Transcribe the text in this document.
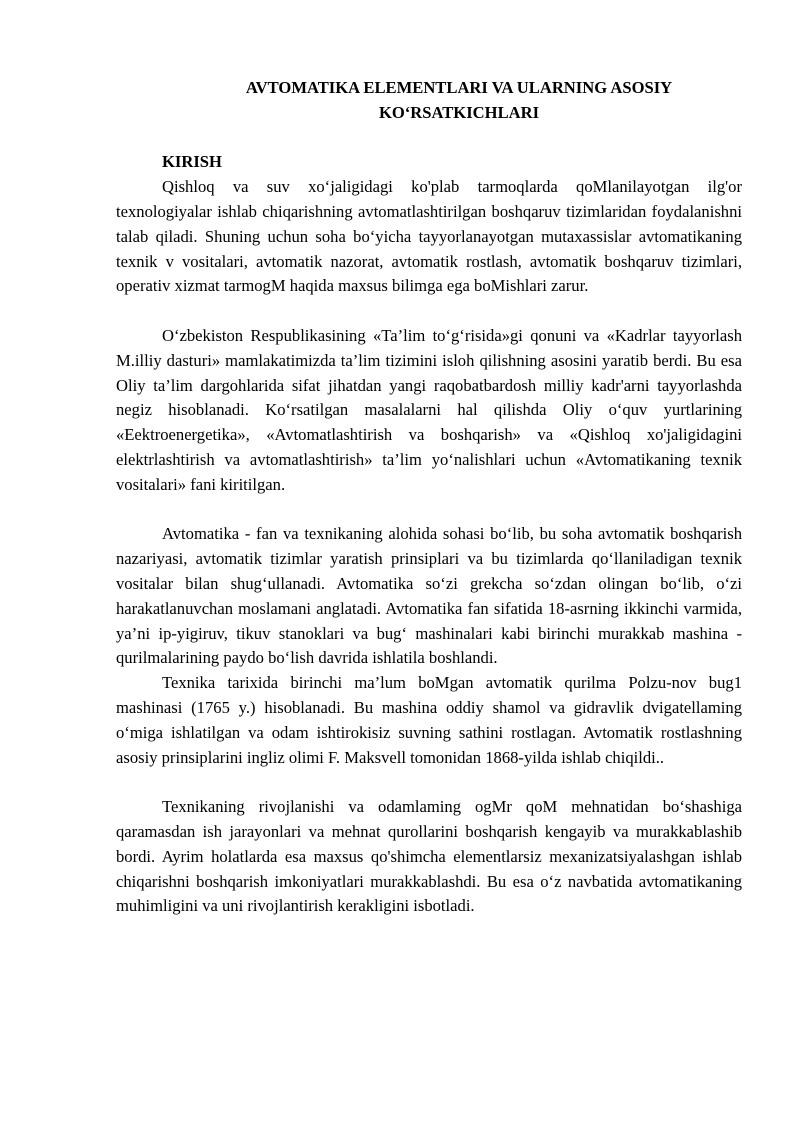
AVTOMATIKA ELEMENTLARI VA ULARNING ASOSIY
KO‘RSATKICHLARI

KIRISH

Qishloq va suv xo‘jaligidagi ko'plab tarmoqlarda qoMlanilayotgan ilg'or texnologiyalar ishlab chiqarishning avtomatlashtirilgan boshqaruv tizimlaridan foydalanishni talab qiladi. Shuning uchun soha bo‘yicha tayyorlanayotgan mutaxassislar avtomatikaning texnik v vositalari, avtomatik nazorat, avtomatik rostlash, avtomatik boshqaruv tizimlari, operativ xizmat tarmogM haqida maxsus bilimga ega boMishlari zarur.

O‘zbekiston Respublikasining «Ta’lim to‘g‘risida»gi qonuni va «Kadrlar tayyorlash M.illiy dasturi» mamlakatimizda ta’lim tizimini isloh qilishning asosini yaratib berdi. Bu esa Oliy ta’lim dargohlarida sifat jihatdan yangi raqobatbardosh milliy kadr'arni tayyorlashda negiz hisoblanadi. Ko‘rsatilgan masalalarni hal qilishda Oliy o‘quv yurtlarining «Eektroenergetika», «Avtomatlashtirish va boshqarish» va «Qishloq xo'jaligidagini elektrlashtirish va avtomatlashtirish» ta’lim yo‘nalishlari uchun «Avtomatikaning texnik vositalari» fani kiritilgan.

Avtomatika - fan va texnikaning alohida sohasi bo‘lib, bu soha avtomatik boshqarish nazariyasi, avtomatik tizimlar yaratish prinsiplari va bu tizimlarda qo‘llaniladigan texnik vositalar bilan shug‘ullanadi. Avtomatika so‘zi grekcha so‘zdan olingan bo‘lib, o‘zi harakatlanuvchan moslamani anglatadi. Avtomatika fan sifatida 18-asrning ikkinchi varmida, ya’ni ip-yigiruv, tikuv stanoklari va bug‘ mashinalari kabi birinchi murakkab mashina - qurilmalarining paydo bo‘lish davrida ishlatila boshlandi.

Texnika tarixida birinchi ma’lum boMgan avtomatik qurilma Polzu-nov bug1 mashinasi (1765 y.) hisoblanadi. Bu mashina oddiy shamol va gidravlik dvigatellaming o‘miga ishlatilgan va odam ishtirokisiz suvning sathini rostlagan. Avtomatik rostlashning asosiy prinsiplarini ingliz olimi F. Maksvell tomonidan 1868-yilda ishlab chiqildi..

Texnikaning rivojlanishi va odamlaming ogMr qoM mehnatidan bo‘shashiga qaramasdan ish jarayonlari va mehnat qurollarini boshqarish kengayib va murakkablashib bordi. Ayrim holatlarda esa maxsus qo'shimcha elementlarsiz mexanizatsiyalashgan ishlab chiqarishni boshqarish imkoniyatlari murakkablashdi. Bu esa o‘z navbatida avtomatikaning muhimligini va uni rivojlantirish kerakligini isbotladi.
